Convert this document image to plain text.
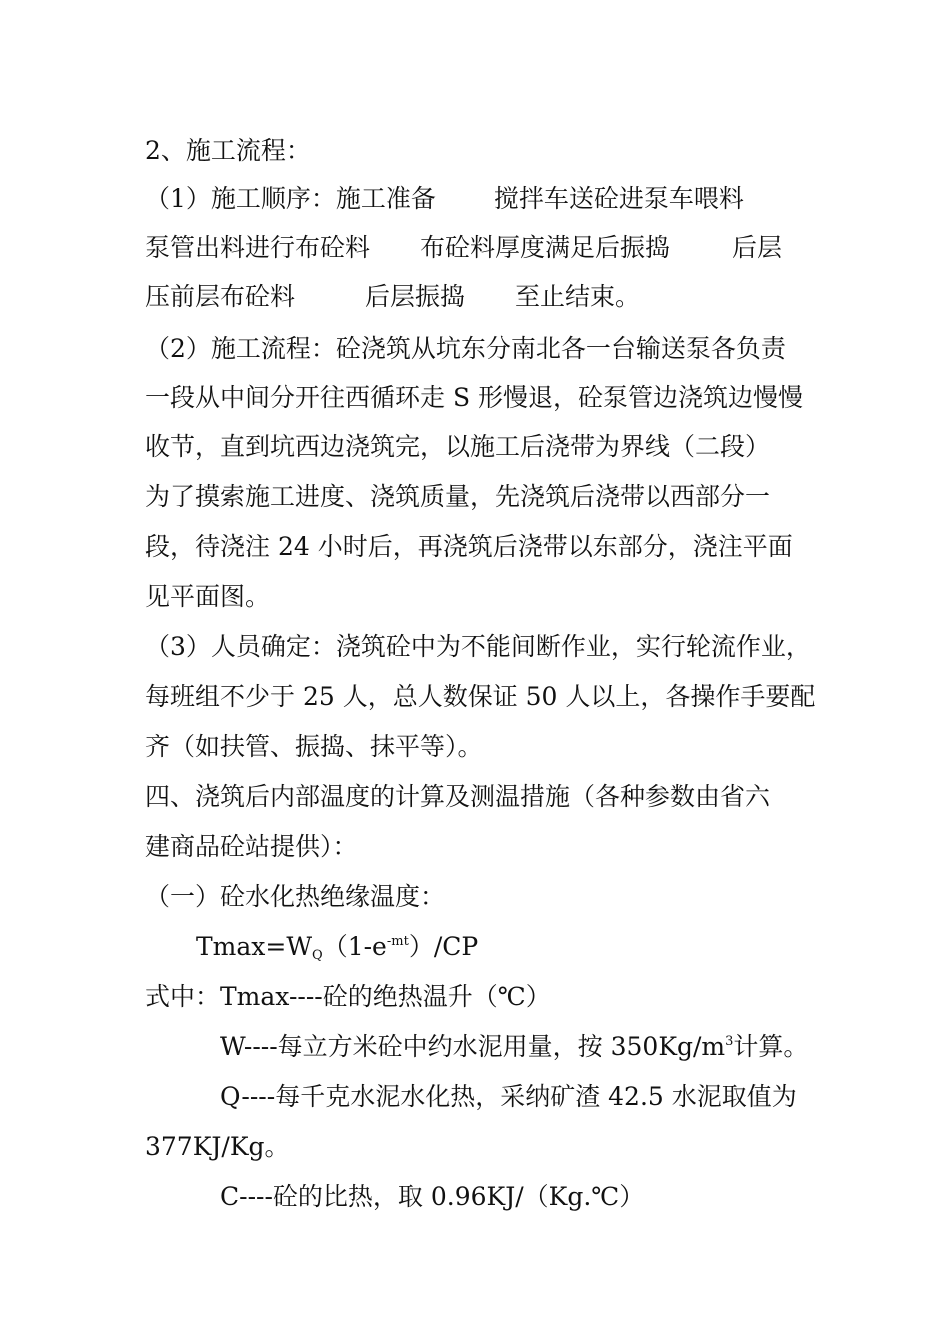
2、施工流程：
（1）施工顺序：施工准备 搅拌车送砼进泵车喂料
泵管出料进行布砼料 布砼料厚度满足后振捣 后层
压前层布砼料	后层振捣 至止结束。
（2）施工流程：砼浇筑从坑东分南北各一台输送泵各负责
一段从中间分开往西循环走 S 形慢退，砼泵管边浇筑边慢慢
收节，直到坑西边浇筑完，以施工后浇带为界线（二段）
为了摸索施工进度、浇筑质量，先浇筑后浇带以西部分一
段，待浇注 24 小时后，再浇筑后浇带以东部分，浇注平面
见平面图。
（3）人员确定：浇筑砼中为不能间断作业，实行轮流作业，
每班组不少于 25 人，总人数保证 50 人以上，各操作手要配
齐（如扶管、振捣、抹平等）。
四、浇筑后内部温度的计算及测温措施（各种参数由省六
建商品砼站提供）：
（一）砼水化热绝缘温度：
$Tmax=W_Q(1-e^{-mt})/CP$
式中：Tmax----砼的绝热温升（℃）
W----每立方米砼中约水泥用量，按 $350Kg/m^3$计算。
Q----每千克水泥水化热，采纳矿渣 42.5 水泥取值为
377KJ/Kg。
C----砼的比热，取 0.96KJ/（Kg.℃）
